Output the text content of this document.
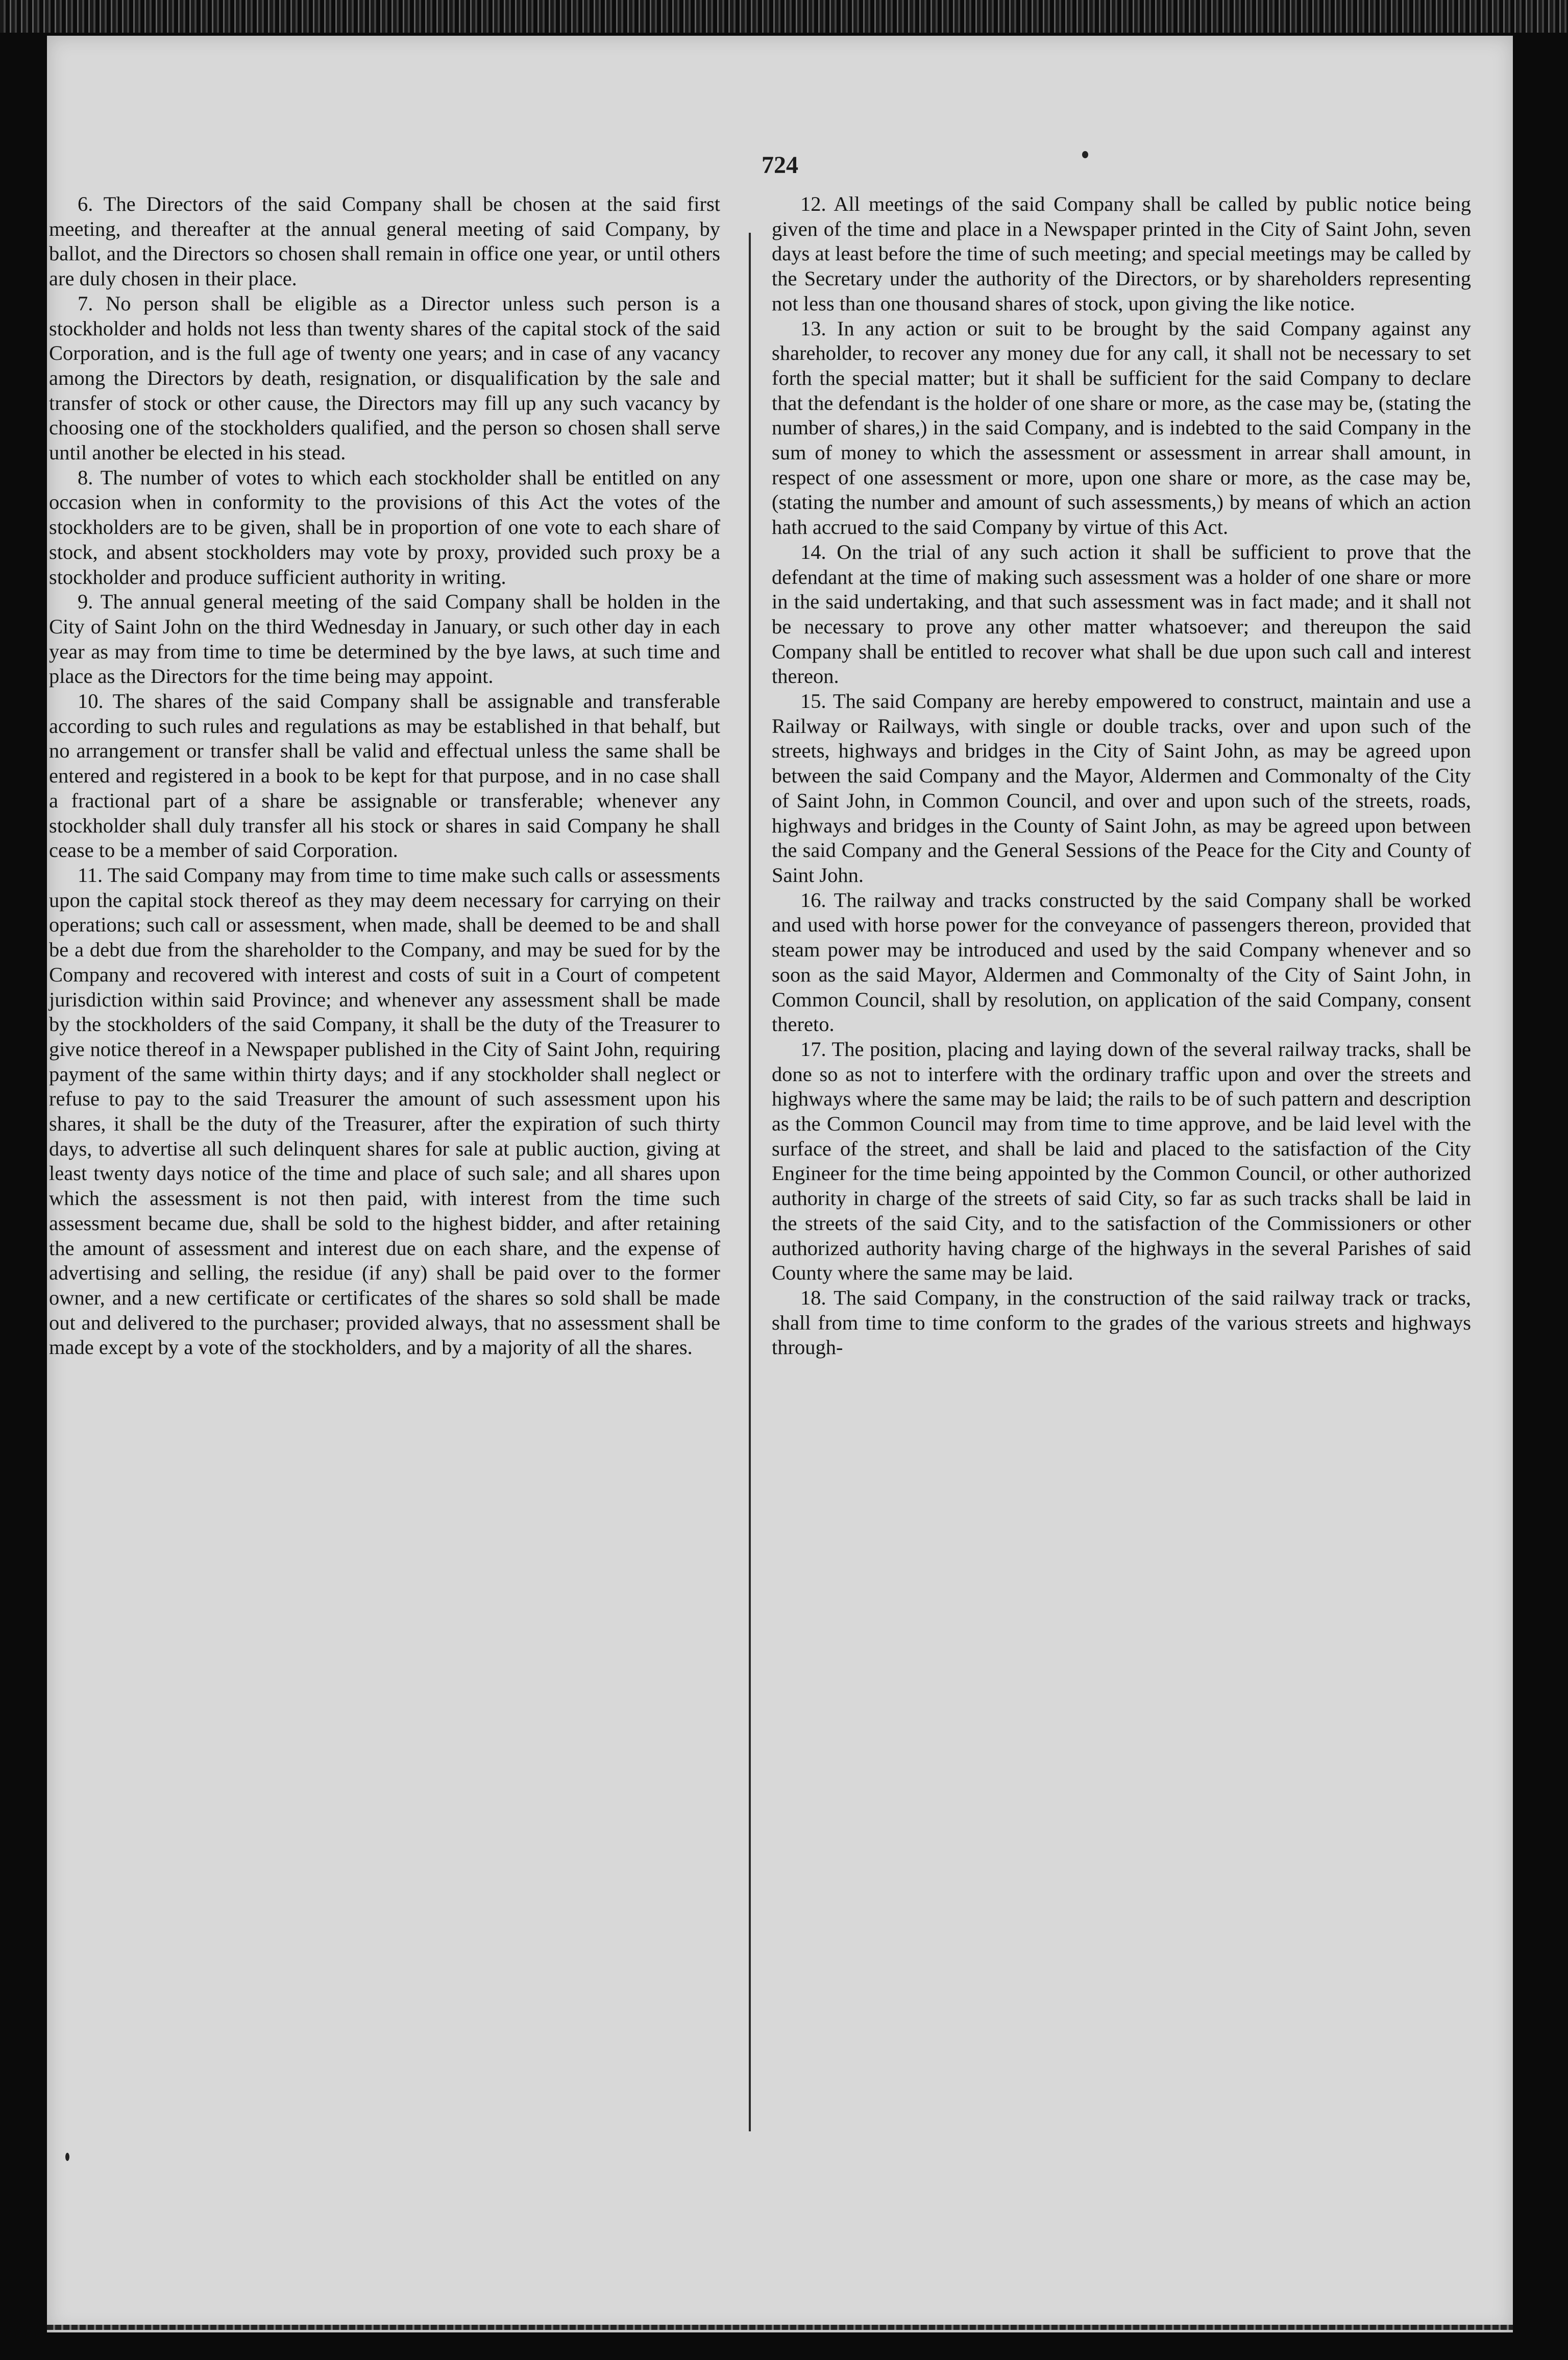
724

6. The Directors of the said Company shall be chosen at the said first meeting, and thereafter at the annual general meeting of said Company, by ballot, and the Directors so chosen shall remain in office one year, or until others are duly chosen in their place.

7. No person shall be eligible as a Director unless such person is a stockholder and holds not less than twenty shares of the capital stock of the said Corporation, and is the full age of twenty one years; and in case of any vacancy among the Directors by death, resignation, or disqualification by the sale and transfer of stock or other cause, the Directors may fill up any such vacancy by choosing one of the stockholders qualified, and the person so chosen shall serve until another be elected in his stead.

8. The number of votes to which each stockholder shall be entitled on any occasion when in conformity to the provisions of this Act the votes of the stockholders are to be given, shall be in proportion of one vote to each share of stock, and absent stockholders may vote by proxy, provided such proxy be a stockholder and produce sufficient authority in writing.

9. The annual general meeting of the said Company shall be holden in the City of Saint John on the third Wednesday in January, or such other day in each year as may from time to time be determined by the bye laws, at such time and place as the Directors for the time being may appoint.

10. The shares of the said Company shall be assignable and transferable according to such rules and regulations as may be established in that behalf, but no arrangement or transfer shall be valid and effectual unless the same shall be entered and registered in a book to be kept for that purpose, and in no case shall a fractional part of a share be assignable or transferable; whenever any stockholder shall duly transfer all his stock or shares in said Company he shall cease to be a member of said Corporation.

11. The said Company may from time to time make such calls or assessments upon the capital stock thereof as they may deem necessary for carrying on their operations; such call or assessment, when made, shall be deemed to be and shall be a debt due from the shareholder to the Company, and may be sued for by the Company and recovered with interest and costs of suit in a Court of competent jurisdiction within said Province; and whenever any assessment shall be made by the stockholders of the said Company, it shall be the duty of the Treasurer to give notice thereof in a Newspaper published in the City of Saint John, requiring payment of the same within thirty days; and if any stockholder shall neglect or refuse to pay to the said Treasurer the amount of such assessment upon his shares, it shall be the duty of the Treasurer, after the expiration of such thirty days, to advertise all such delinquent shares for sale at public auction, giving at least twenty days notice of the time and place of such sale; and all shares upon which the assessment is not then paid, with interest from the time such assessment became due, shall be sold to the highest bidder, and after retaining the amount of assessment and interest due on each share, and the expense of advertising and selling, the residue (if any) shall be paid over to the former owner, and a new certificate or certificates of the shares so sold shall be made out and delivered to the purchaser; provided always, that no assessment shall be made except by a vote of the stockholders, and by a majority of all the shares.

12. All meetings of the said Company shall be called by public notice being given of the time and place in a Newspaper printed in the City of Saint John, seven days at least before the time of such meeting; and special meetings may be called by the Secretary under the authority of the Directors, or by shareholders representing not less than one thousand shares of stock, upon giving the like notice.

13. In any action or suit to be brought by the said Company against any shareholder, to recover any money due for any call, it shall not be necessary to set forth the special matter; but it shall be sufficient for the said Company to declare that the defendant is the holder of one share or more, as the case may be, (stating the number of shares,) in the said Company, and is indebted to the said Company in the sum of money to which the assessment or assessment in arrear shall amount, in respect of one assessment or more, upon one share or more, as the case may be, (stating the number and amount of such assessments,) by means of which an action hath accrued to the said Company by virtue of this Act.

14. On the trial of any such action it shall be sufficient to prove that the defendant at the time of making such assessment was a holder of one share or more in the said undertaking, and that such assessment was in fact made; and it shall not be necessary to prove any other matter whatsoever; and thereupon the said Company shall be entitled to recover what shall be due upon such call and interest thereon.

15. The said Company are hereby empowered to construct, maintain and use a Railway or Railways, with single or double tracks, over and upon such of the streets, highways and bridges in the City of Saint John, as may be agreed upon between the said Company and the Mayor, Aldermen and Commonalty of the City of Saint John, in Common Council, and over and upon such of the streets, roads, highways and bridges in the County of Saint John, as may be agreed upon between the said Company and the General Sessions of the Peace for the City and County of Saint John.

16. The railway and tracks constructed by the said Company shall be worked and used with horse power for the conveyance of passengers thereon, provided that steam power may be introduced and used by the said Company whenever and so soon as the said Mayor, Aldermen and Commonalty of the City of Saint John, in Common Council, shall by resolution, on application of the said Company, consent thereto.

17. The position, placing and laying down of the several railway tracks, shall be done so as not to interfere with the ordinary traffic upon and over the streets and highways where the same may be laid; the rails to be of such pattern and description as the Common Council may from time to time approve, and be laid level with the surface of the street, and shall be laid and placed to the satisfaction of the City Engineer for the time being appointed by the Common Council, or other authorized authority in charge of the streets of said City, so far as such tracks shall be laid in the streets of the said City, and to the satisfaction of the Commissioners or other authorized authority having charge of the highways in the several Parishes of said County where the same may be laid.

18. The said Company, in the construction of the said railway track or tracks, shall from time to time conform to the grades of the various streets and highways through-
